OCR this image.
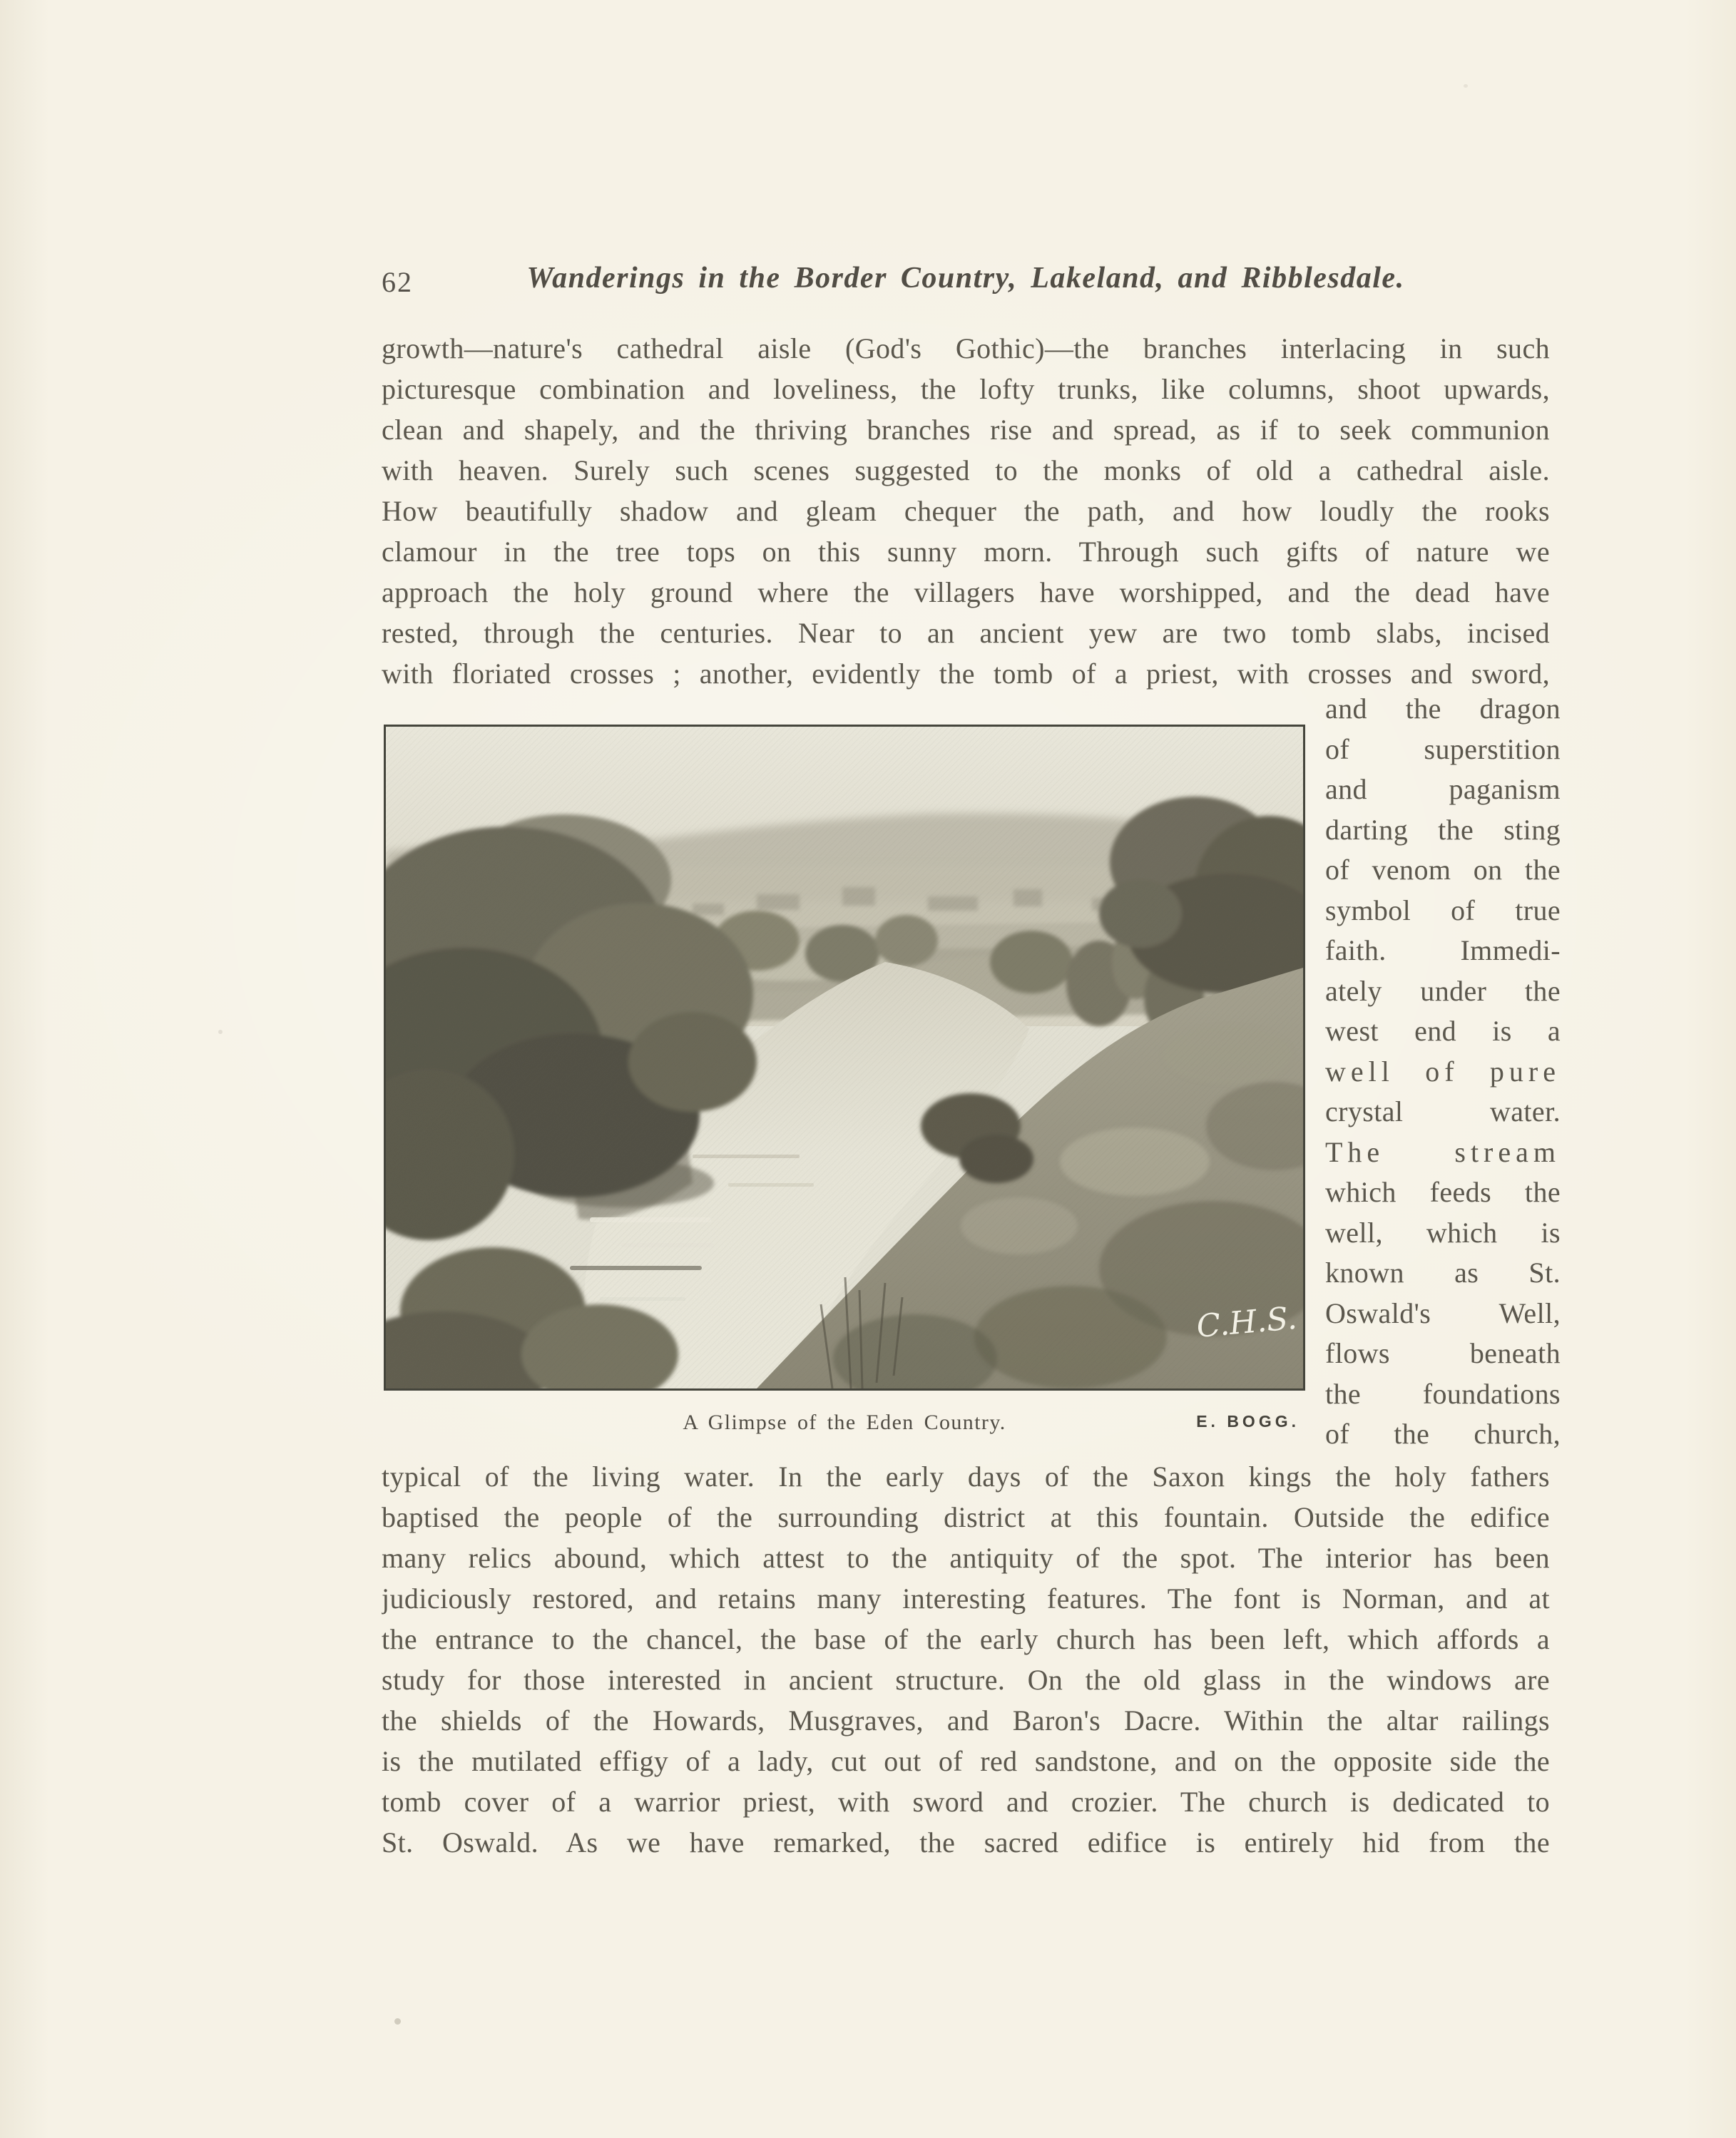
62	Wanderings in the Border Country, Lakeland, and Ribblesdale.
growth—nature's cathedral aisle (God's Gothic)—the branches interlacing in such
picturesque combination and loveliness, the lofty trunks, like columns, shoot upwards,
clean and shapely, and the thriving branches rise and spread, as if to seek communion
with heaven. Surely such scenes suggested to the monks of old a cathedral aisle.
How beautifully shadow and gleam chequer the path, and how loudly the rooks
clamour in the tree tops on this sunny morn. Through such gifts of nature we
approach the holy ground where the villagers have worshipped, and the dead have
rested, through the centuries. Near to an ancient yew are two tomb slabs, incised
with floriated crosses ; another, evidently the tomb of a priest, with crosses and sword,
and the dragon
of superstition
and paganism
darting the sting
of venom on the
symbol of true
faith. Immedi-
ately under the
west end is a
well of pure
crystal water.
The stream
which feeds the
well, which is
known as St.
Oswald's Well,
flows beneath
the foundations
of the church,
C.H.S.
A Glimpse of the Eden Country.	E. BOGG.
typical of the living water. In the early days of the Saxon kings the holy fathers
baptised the people of the surrounding district at this fountain. Outside the edifice
many relics abound, which attest to the antiquity of the spot. The interior has been
judiciously restored, and retains many interesting features. The font is Norman, and at
the entrance to the chancel, the base of the early church has been left, which affords a
study for those interested in ancient structure. On the old glass in the windows are
the shields of the Howards, Musgraves, and Baron's Dacre. Within the altar railings
is the mutilated effigy of a lady, cut out of red sandstone, and on the opposite side the
tomb cover of a warrior priest, with sword and crozier. The church is dedicated to
St. Oswald. As we have remarked, the sacred edifice is entirely hid from the
